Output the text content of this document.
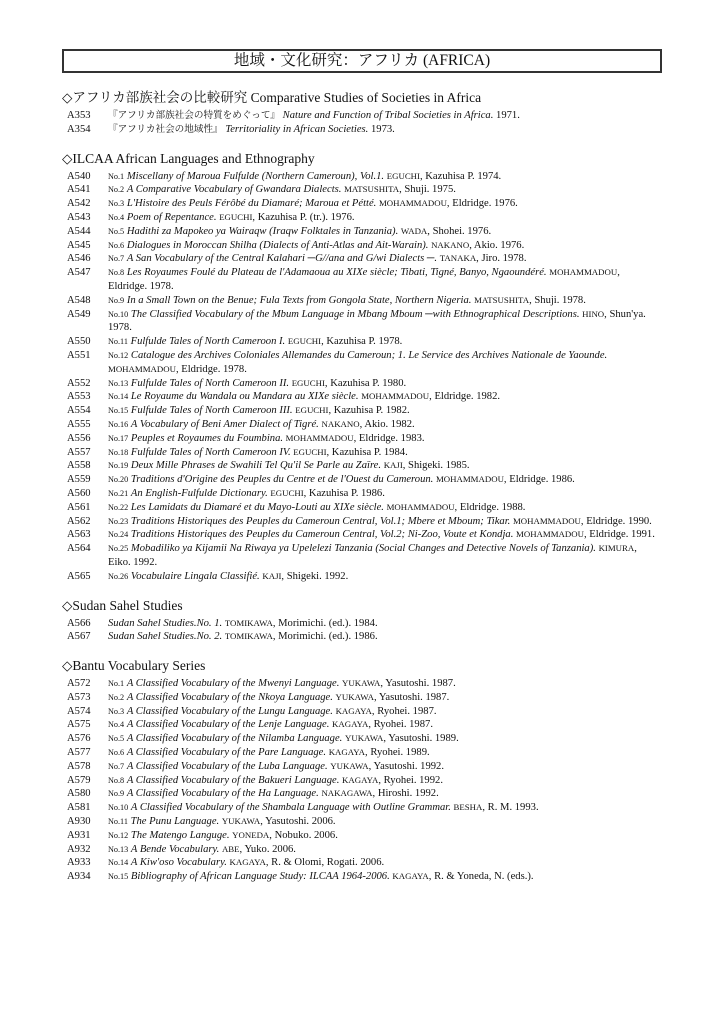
地域・文化研究：アフリカ (AFRICA)
◇アフリカ部族社会の比較研究 Comparative Studies of Societies in Africa
A353	『アフリカ部族社会の特質をめぐって』 Nature and Function of Tribal Societies in Africa. 1971.
A354	『アフリカ社会の地域性』 Territoriality in African Societies. 1973.
◇ILCAA African Languages and Ethnography
A540	No.1 Miscellany of Maroua Fulfulde (Northern Cameroun), Vol.1. EGUCHI, Kazuhisa P. 1974.
A541	No.2 A Comparative Vocabulary of Gwandara Dialects. MATSUSHITA, Shuji. 1975.
A542	No.3 L'Histoire des Peuls Férôbé du Diamaré; Maroua et Pétté. MOHAMMADOU, Eldridge. 1976.
A543	No.4 Poem of Repentance. EGUCHI, Kazuhisa P. (tr.). 1976.
A544	No.5 Hadithi za Mapokeo ya Wairaqw (Iraqw Folktales in Tanzania). WADA, Shohei. 1976.
A545	No.6 Dialogues in Moroccan Shilha (Dialects of Anti-Atlas and Ait-Warain). NAKANO, Akio. 1976.
A546	No.7 A San Vocabulary of the Central Kalahari ─G//ana and G/wi Dialects ─. TANAKA, Jiro. 1978.
A547	No.8 Les Royaumes Foulé du Plateau de l'Adamaoua au XIXe siècle; Tibati, Tigné, Banyo, Ngaoundéré. MOHAMMADOU, Eldridge. 1978.
A548	No.9 In a Small Town on the Benue; Fula Texts from Gongola State, Northern Nigeria. MATSUSHITA, Shuji. 1978.
A549	No.10 The Classified Vocabulary of the Mbum Language in Mbang Mboum ─with Ethnographical Descriptions. HINO, Shun'ya. 1978.
A550	No.11 Fulfulde Tales of North Cameroon I. EGUCHI, Kazuhisa P. 1978.
A551	No.12 Catalogue des Archives Coloniales Allemandes du Cameroun; 1. Le Service des Archives Nationale de Yaounde. MOHAMMADOU, Eldridge. 1978.
A552	No.13 Fulfulde Tales of North Cameroon II. EGUCHI, Kazuhisa P. 1980.
A553	No.14 Le Royaume du Wandala ou Mandara au XIXe siècle. MOHAMMADOU, Eldridge. 1982.
A554	No.15 Fulfulde Tales of North Cameroon III. EGUCHI, Kazuhisa P. 1982.
A555	No.16 A Vocabulary of Beni Amer Dialect of Tigré. NAKANO, Akio. 1982.
A556	No.17 Peuples et Royaumes du Foumbina. MOHAMMADOU, Eldridge. 1983.
A557	No.18 Fulfulde Tales of North Cameroon IV. EGUCHI, Kazuhisa P. 1984.
A558	No.19 Deux Mille Phrases de Swahili Tel Qu'il Se Parle au Zaïre. KAJI, Shigeki. 1985.
A559	No.20 Traditions d'Origine des Peuples du Centre et de l'Ouest du Cameroun. MOHAMMADOU, Eldridge. 1986.
A560	No.21 An English-Fulfulde Dictionary. EGUCHI, Kazuhisa P. 1986.
A561	No.22 Les Lamidats du Diamaré et du Mayo-Louti au XIXe siècle. MOHAMMADOU, Eldridge. 1988.
A562	No.23 Traditions Historiques des Peuples du Cameroun Central, Vol.1; Mbere et Mboum; Tikar. MOHAMMADOU, Eldridge. 1990.
A563	No.24 Traditions Historiques des Peuples du Cameroun Central, Vol.2; Ni-Zoo, Voute et Kondja. MOHAMMADOU, Eldridge. 1991.
A564	No.25 Mobadiliko ya Kijamii Na Riwaya ya Upelelezi Tanzania (Social Changes and Detective Novels of Tanzania). KIMURA, Eiko. 1992.
A565	No.26 Vocabulaire Lingala Classifié. KAJI, Shigeki. 1992.
◇Sudan Sahel Studies
A566	Sudan Sahel Studies.No. 1. TOMIKAWA, Morimichi. (ed.). 1984.
A567	Sudan Sahel Studies.No. 2. TOMIKAWA, Morimichi. (ed.). 1986.
◇Bantu Vocabulary Series
A572	No.1 A Classified Vocabulary of the Mwenyi Language. YUKAWA, Yasutoshi. 1987.
A573	No.2 A Classified Vocabulary of the Nkoya Language. YUKAWA, Yasutoshi. 1987.
A574	No.3 A Classified Vocabulary of the Lungu Language. KAGAYA, Ryohei. 1987.
A575	No.4 A Classified Vocabulary of the Lenje Language. KAGAYA, Ryohei. 1987.
A576	No.5 A Classified Vocabulary of the Nilamba Language. YUKAWA, Yasutoshi. 1989.
A577	No.6 A Classified Vocabulary of the Pare Language. KAGAYA, Ryohei. 1989.
A578	No.7 A Classified Vocabulary of the Luba Language. YUKAWA, Yasutoshi. 1992.
A579	No.8 A Classified Vocabulary of the Bakueri Language. KAGAYA, Ryohei. 1992.
A580	No.9 A Classified Vocabulary of the Ha Language. NAKAGAWA, Hiroshi. 1992.
A581	No.10 A Classified Vocabulary of the Shambala Language with Outline Grammar. BESHA, R. M. 1993.
A930	No.11 The Punu Language. YUKAWA, Yasutoshi. 2006.
A931	No.12 The Matengo Languge. YONEDA, Nobuko. 2006.
A932	No.13 A Bende Vocabulary. ABE, Yuko. 2006.
A933	No.14 A Kiw'oso Vocabulary. KAGAYA, R. & Olomi, Rogati. 2006.
A934	No.15 Bibliography of African Language Study: ILCAA 1964-2006. KAGAYA, R. & Yoneda, N. (eds.).
